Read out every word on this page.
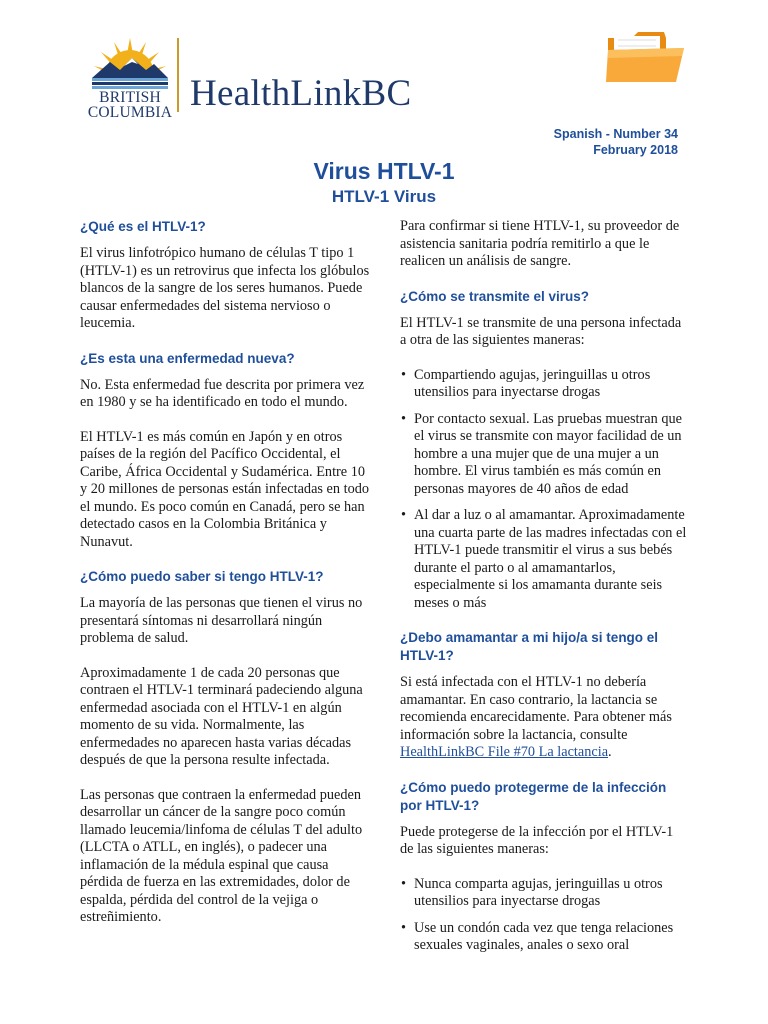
BRITISH
COLUMBIA HealthLinkBC
Spanish - Number 34
February 2018
Virus HTLV-1
HTLV-1 Virus
¿Qué es el HTLV-1?

El virus linfotrópico humano de células T tipo 1 (HTLV-1) es un retrovirus que infecta los glóbulos blancos de la sangre de los seres humanos. Puede causar enfermedades del sistema nervioso o leucemia.

¿Es esta una enfermedad nueva?

No. Esta enfermedad fue descrita por primera vez en 1980 y se ha identificado en todo el mundo.

El HTLV-1 es más común en Japón y en otros países de la región del Pacífico Occidental, el Caribe, África Occidental y Sudamérica. Entre 10 y 20 millones de personas están infectadas en todo el mundo. Es poco común en Canadá, pero se han detectado casos en la Colombia Británica y Nunavut.

¿Cómo puedo saber si tengo HTLV-1?

La mayoría de las personas que tienen el virus no presentará síntomas ni desarrollará ningún problema de salud.

Aproximadamente 1 de cada 20 personas que contraen el HTLV-1 terminará padeciendo alguna enfermedad asociada con el HTLV-1 en algún momento de su vida. Normalmente, las enfermedades no aparecen hasta varias décadas después de que la persona resulte infectada.

Las personas que contraen la enfermedad pueden desarrollar un cáncer de la sangre poco común llamado leucemia/linfoma de células T del adulto (LLCTA o ATLL, en inglés), o padecer una inflamación de la médula espinal que causa pérdida de fuerza en las extremidades, dolor de espalda, pérdida del control de la vejiga o estreñimiento.

Para confirmar si tiene HTLV-1, su proveedor de asistencia sanitaria podría remitirlo a que le realicen un análisis de sangre.

¿Cómo se transmite el virus?

El HTLV-1 se transmite de una persona infectada a otra de las siguientes maneras:

• Compartiendo agujas, jeringuillas u otros utensilios para inyectarse drogas
• Por contacto sexual. Las pruebas muestran que el virus se transmite con mayor facilidad de un hombre a una mujer que de una mujer a un hombre. El virus también es más común en personas mayores de 40 años de edad
• Al dar a luz o al amamantar. Aproximadamente una cuarta parte de las madres infectadas con el HTLV-1 puede transmitir el virus a sus bebés durante el parto o al amamantarlos, especialmente si los amamanta durante seis meses o más
¿Debo amamantar a mi hijo/a si tengo el HTLV-1?

Si está infectada con el HTLV-1 no debería amamantar. En caso contrario, la lactancia se recomienda encarecidamente. Para obtener más información sobre la lactancia, consulte HealthLinkBC File #70 La lactancia.

¿Cómo puedo protegerme de la infección por HTLV-1?

Puede protegerse de la infección por el HTLV-1 de las siguientes maneras:

• Nunca comparta agujas, jeringuillas u otros utensilios para inyectarse drogas
• Use un condón cada vez que tenga relaciones sexuales vaginales, anales o sexo oral
